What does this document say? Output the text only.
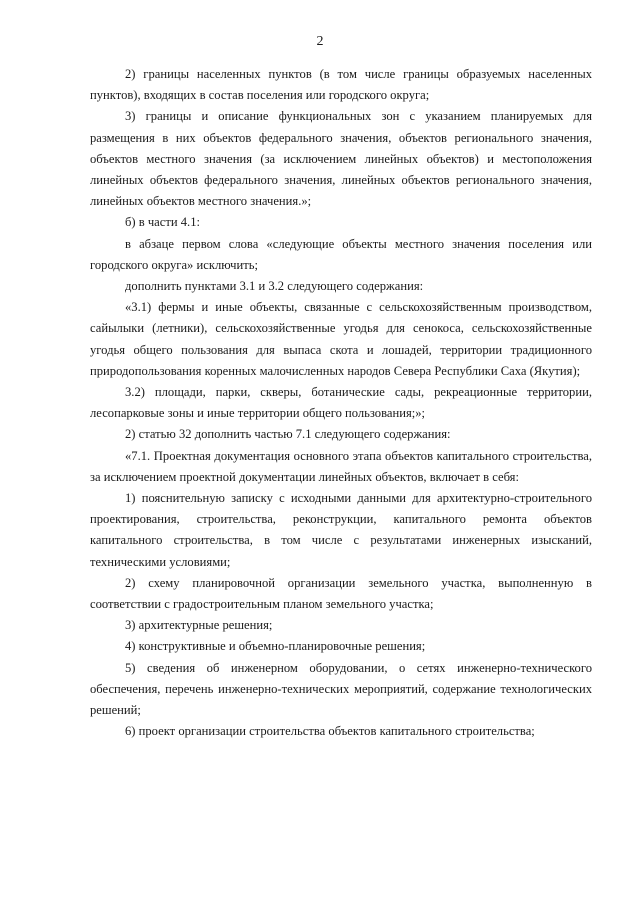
2

2) границы населенных пунктов (в том числе границы образуемых населенных пунктов), входящих в состав поселения или городского округа;

3) границы и описание функциональных зон с указанием планируемых для размещения в них объектов федерального значения, объектов регионального значения, объектов местного значения (за исключением линейных объектов) и местоположения линейных объектов федерального значения, линейных объектов регионального значения, линейных объектов местного значения.»;

б) в части 4.1:

в абзаце первом слова «следующие объекты местного значения поселения или городского округа» исключить;

дополнить пунктами 3.1 и 3.2 следующего содержания:

«3.1) фермы и иные объекты, связанные с сельскохозяйственным производством, сайылыки (летники), сельскохозяйственные угодья для сенокоса, сельскохозяйственные угодья общего пользования для выпаса скота и лошадей, территории традиционного природопользования коренных малочисленных народов Севера Республики Саха (Якутия);

3.2) площади, парки, скверы, ботанические сады, рекреационные территории, лесопарковые зоны и иные территории общего пользования;»;

2) статью 32 дополнить частью 7.1 следующего содержания:

«7.1. Проектная документация основного этапа объектов капитального строительства, за исключением проектной документации линейных объектов, включает в себя:

1) пояснительную записку с исходными данными для архитектурно-строительного проектирования, строительства, реконструкции, капитального ремонта объектов капитального строительства, в том числе с результатами инженерных изысканий, техническими условиями;

2) схему планировочной организации земельного участка, выполненную в соответствии с градостроительным планом земельного участка;

3) архитектурные решения;

4) конструктивные и объемно-планировочные решения;

5) сведения об инженерном оборудовании, о сетях инженерно-технического обеспечения, перечень инженерно-технических мероприятий, содержание технологических решений;

6) проект организации строительства объектов капитального строительства;
